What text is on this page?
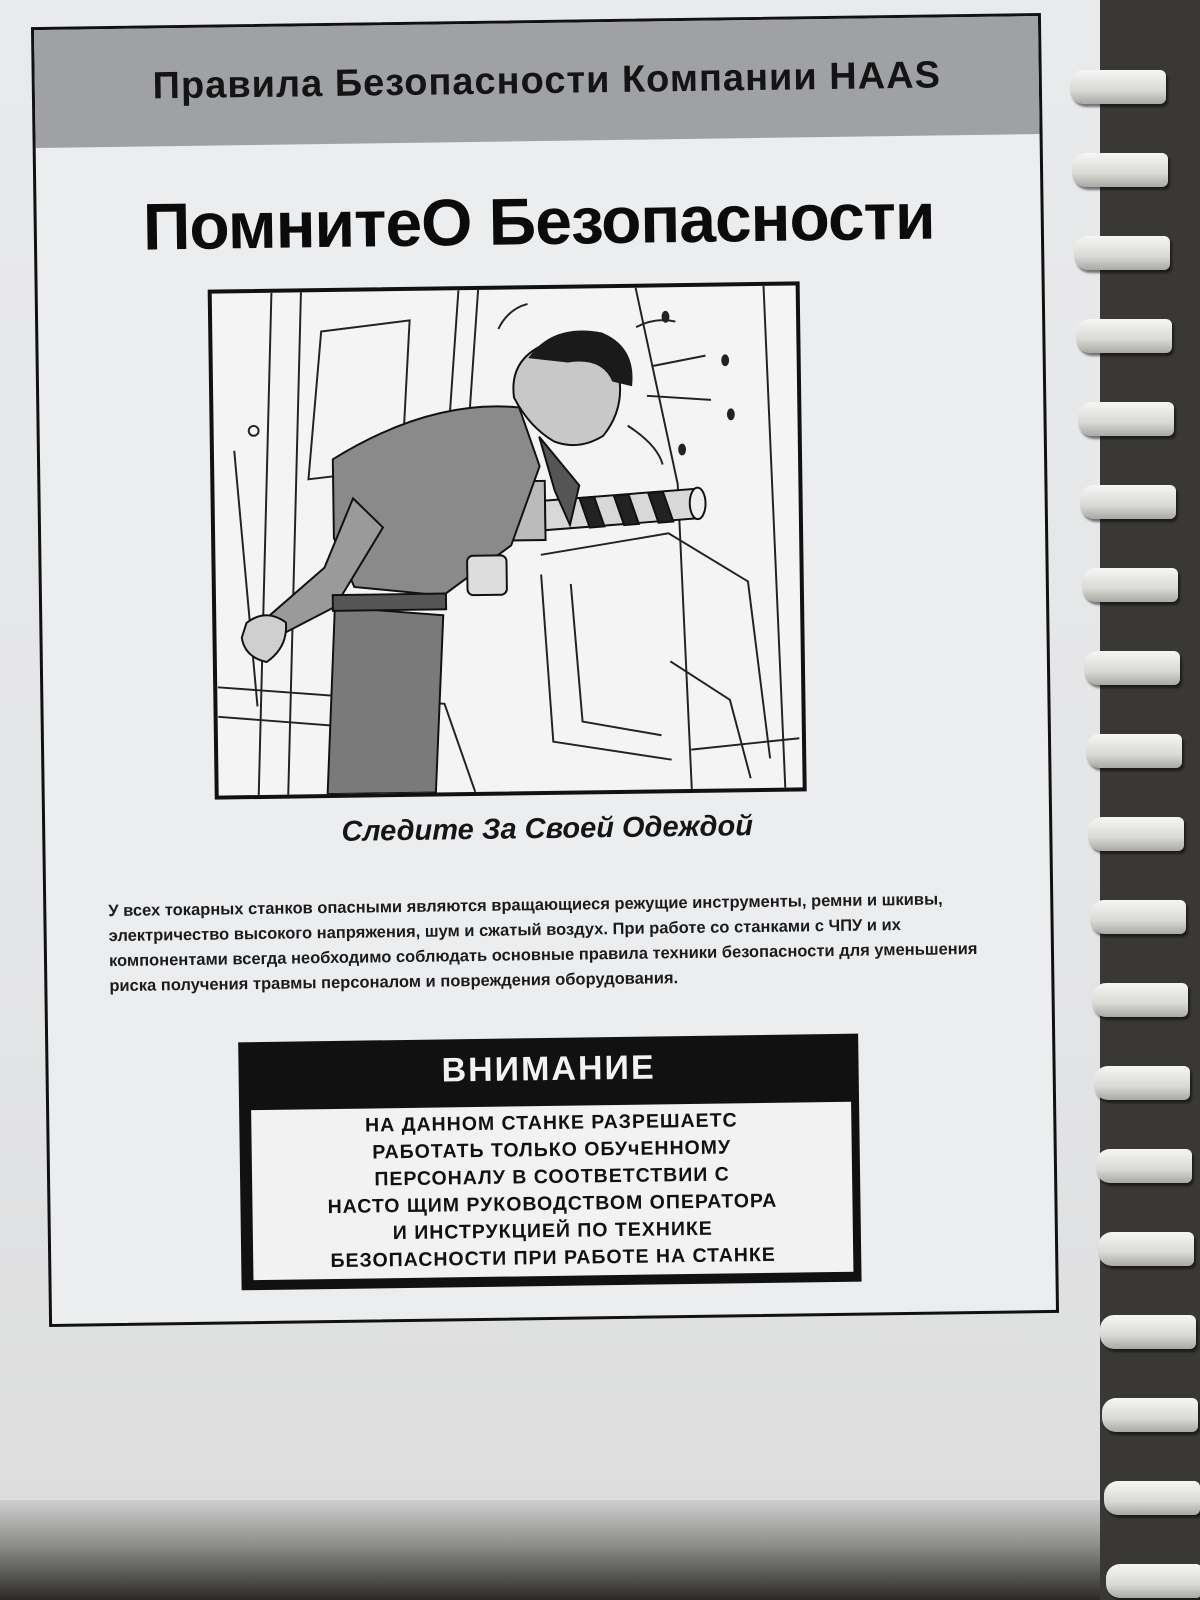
Правила Безопасности Компании HAAS
ПомнитеО Безопасности
Следите За Своей Одеждой

У всех токарных станков опасными являются вращающиеся режущие инструменты, ремни и шкивы, электричество высокого напряжения, шум и сжатый воздух. При работе со станками с ЧПУ и их компонентами всегда необходимо соблюдать основные правила техники безопасности для уменьшения риска получения травмы персоналом и повреждения оборудования.

ВНИМАНИЕ

НА ДАННОМ СТАНКЕ РАЗРЕШАЕТС
РАБОТАТЬ ТОЛЬКО ОБУчЕННОМУ
ПЕРСОНАЛУ В СООТВЕТСТВИИ С
НАСТО ЩИМ РУКОВОДСТВОМ ОПЕРАТОРА
И ИНСТРУКЦИЕЙ ПО ТЕХНИКЕ
БЕЗОПАСНОСТИ ПРИ РАБОТЕ НА СТАНКЕ
